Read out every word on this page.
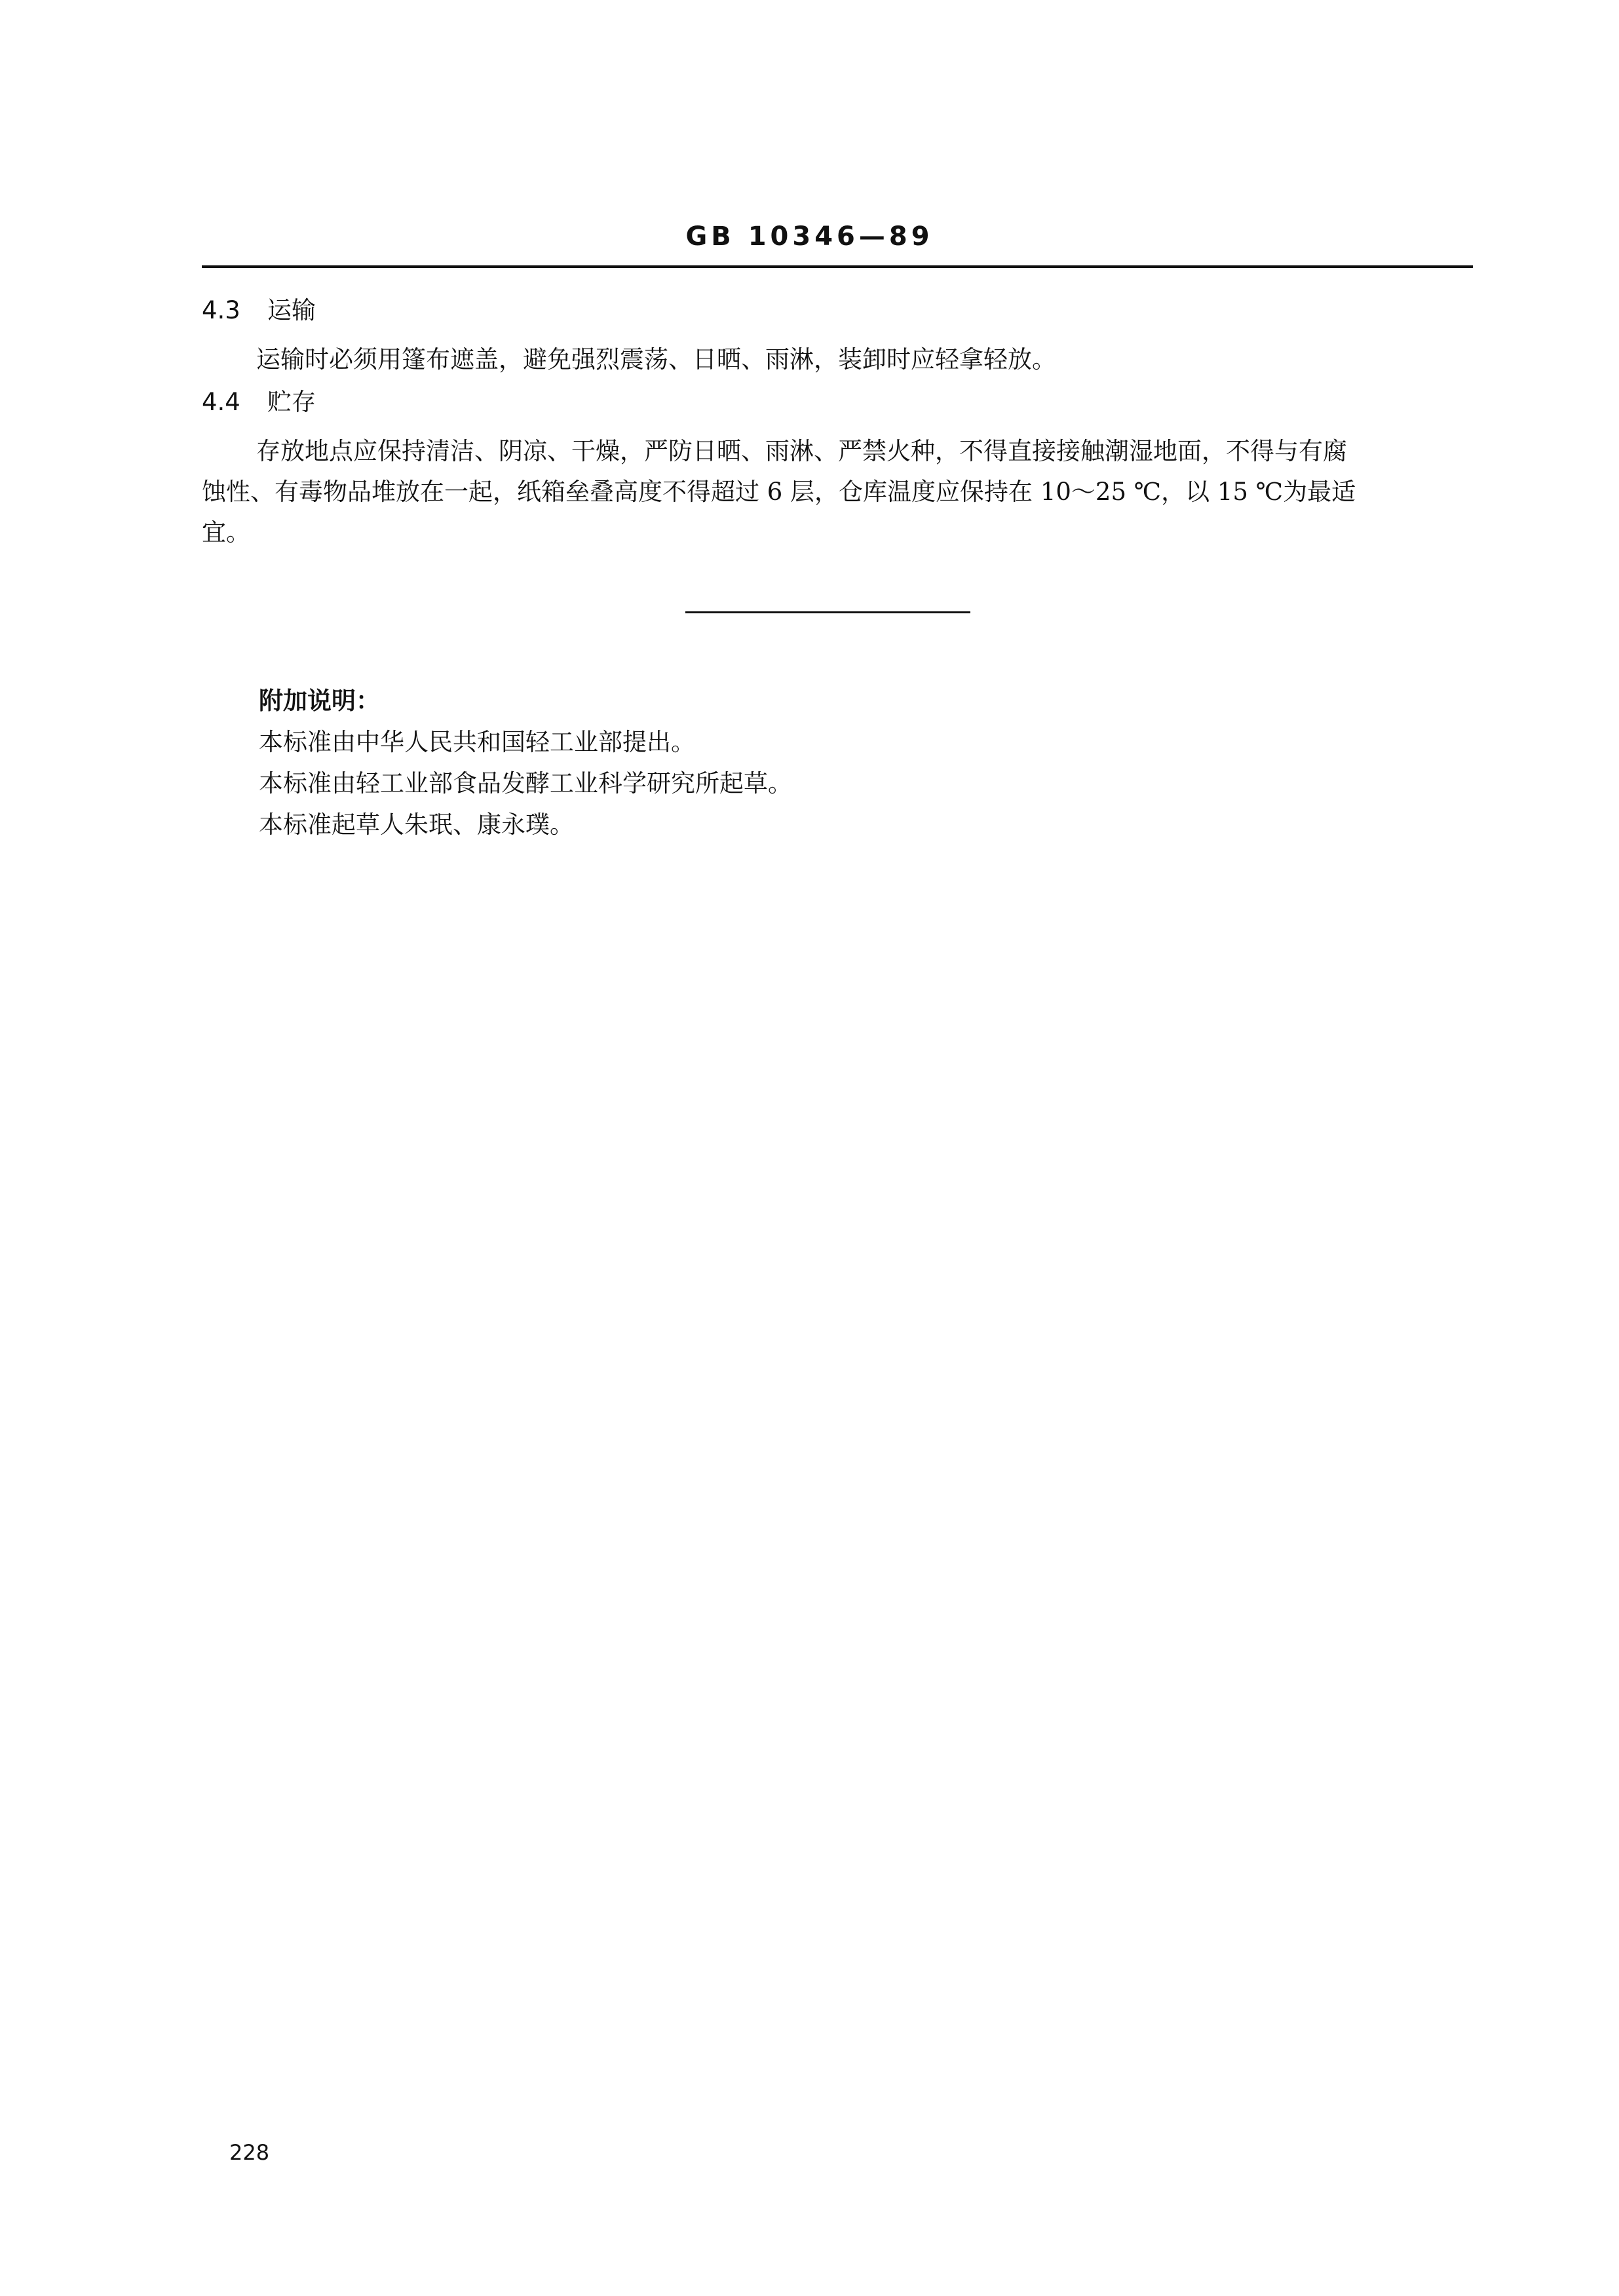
GB 10346—89
4.3 运输
运输时必须用篷布遮盖，避免强烈震荡、日晒、雨淋，装卸时应轻拿轻放。
4.4 贮存
存放地点应保持清洁、阴凉、干燥，严防日晒、雨淋、严禁火种，不得直接接触潮湿地面，不得与有腐
蚀性、有毒物品堆放在一起，纸箱垒叠高度不得超过 6 层，仓库温度应保持在 10～25 ℃，以 15 ℃为最适
宜。
附加说明：
本标准由中华人民共和国轻工业部提出。
本标准由轻工业部食品发酵工业科学研究所起草。
本标准起草人朱珉、康永璞。
228
